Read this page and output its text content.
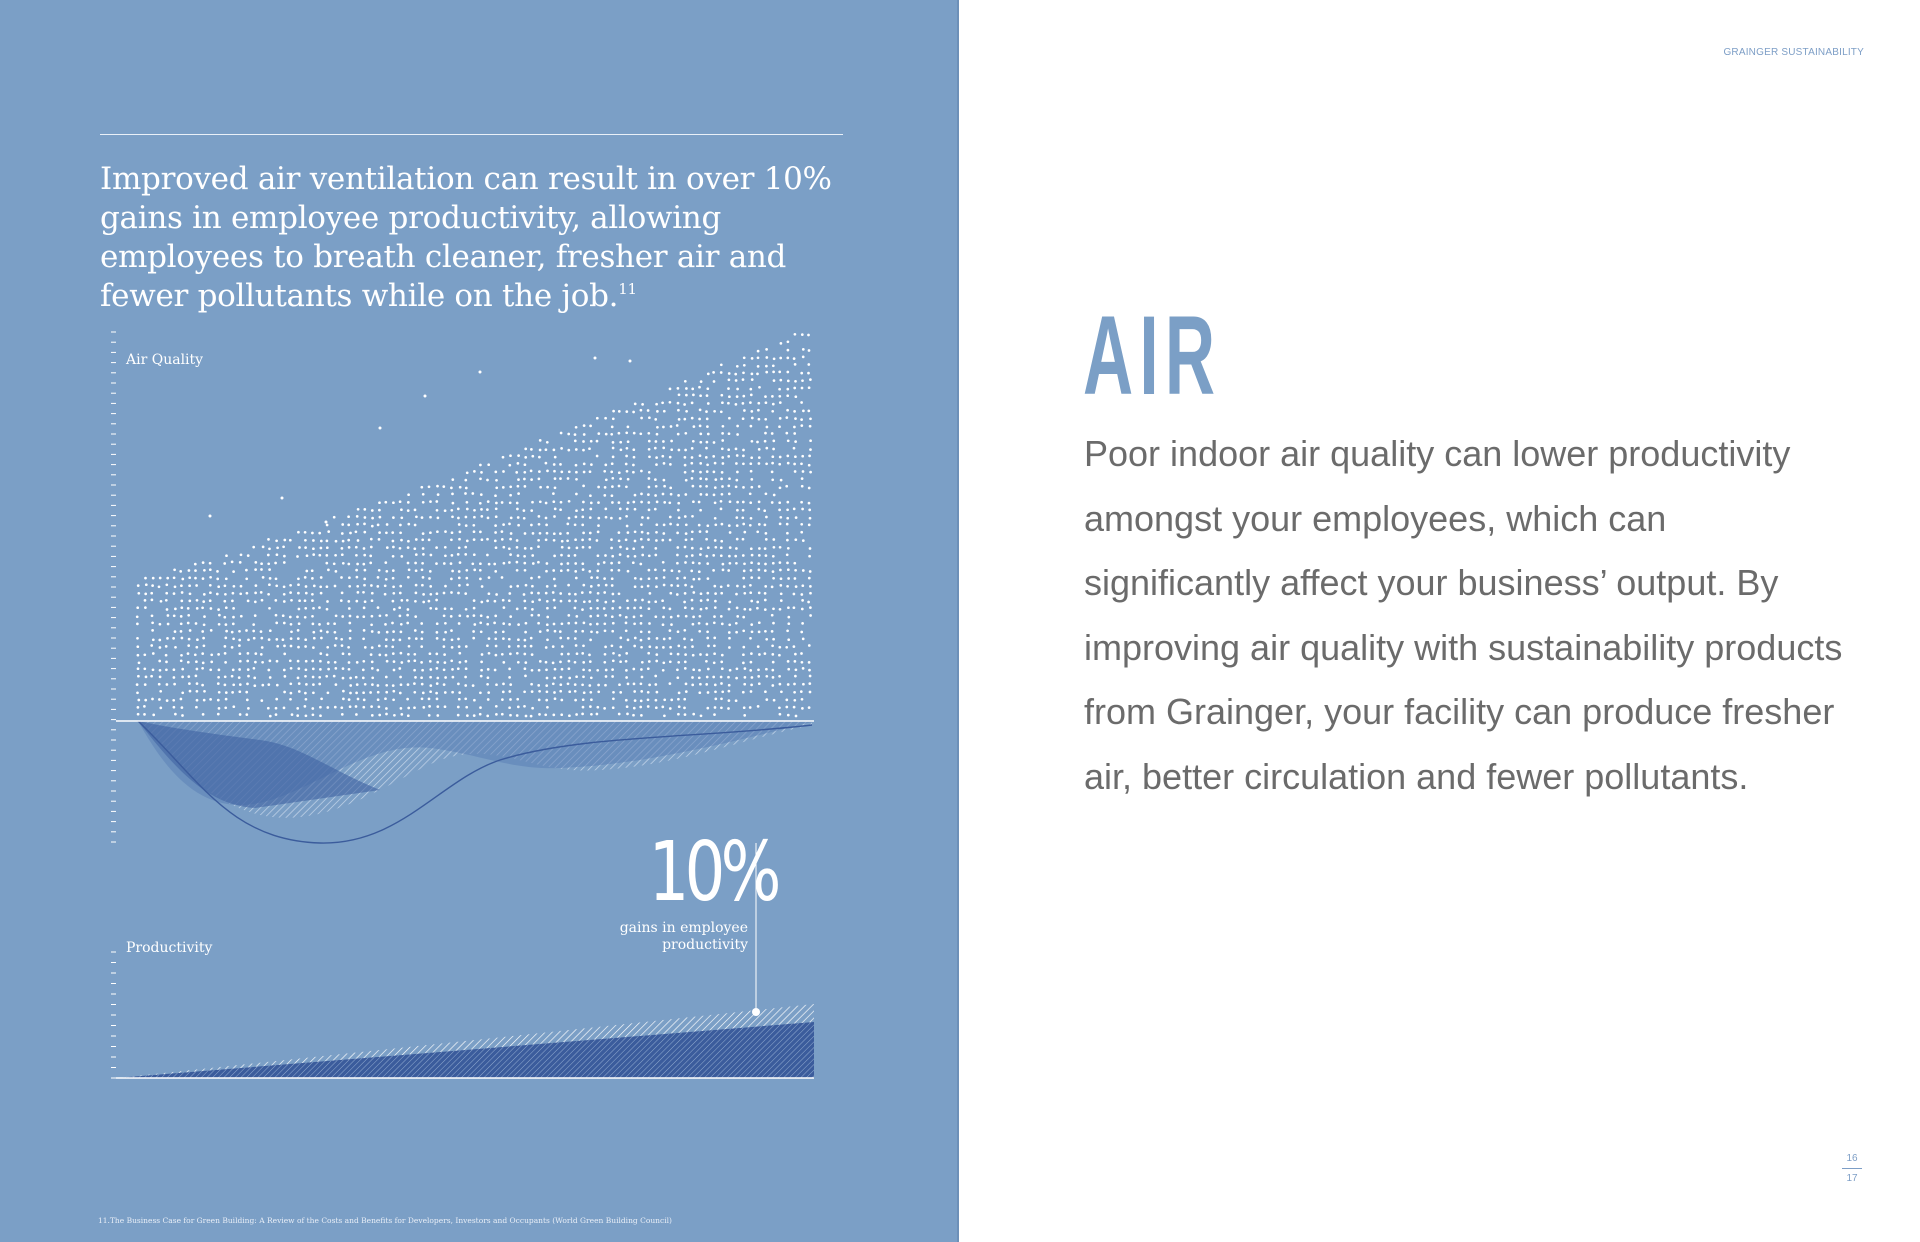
Improved air ventilation can result in over 10% gains in employee productivity, allowing employees to breath cleaner, fresher air and fewer pollutants while on the job.$^{11}$

Air Quality
Productivity
10%
gains in employee productivity
11.The Business Case for Green Building: A Review of the Costs and Benefits for Developers, Investors and Occupants (World Green Building Council)
GRAINGER SUSTAINABILITY
AIR

Poor indoor air quality can lower productivity amongst your employees, which can significantly affect your business’ output. By improving air quality with sustainability products from Grainger, your facility can produce fresher air, better circulation and fewer pollutants.

16
17
